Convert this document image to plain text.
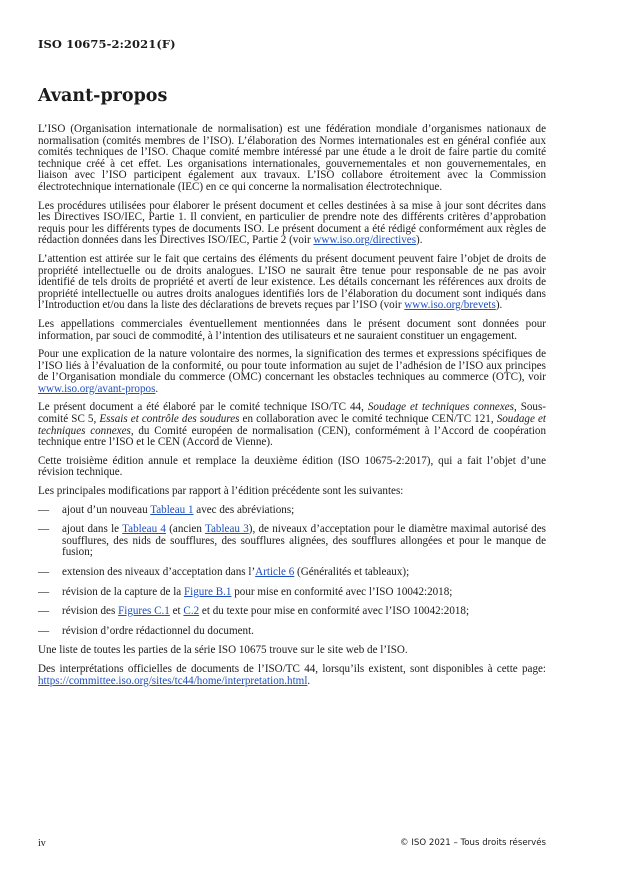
ISO 10675-2:2021(F)
Avant-propos

L’ISO (Organisation internationale de normalisation) est une fédération mondiale d’organismes nationaux de normalisation (comités membres de l’ISO). L’élaboration des Normes internationales est en général confiée aux comités techniques de l’ISO. Chaque comité membre intéressé par une étude a le droit de faire partie du comité technique créé à cet effet. Les organisations internationales, gouvernementales et non gouvernementales, en liaison avec l’ISO participent également aux travaux. L’ISO collabore étroitement avec la Commission électrotechnique internationale (IEC) en ce qui concerne la normalisation électrotechnique.

Les procédures utilisées pour élaborer le présent document et celles destinées à sa mise à jour sont décrites dans les Directives ISO/IEC, Partie 1. Il convient, en particulier de prendre note des différents critères d’approbation requis pour les différents types de documents ISO. Le présent document a été rédigé conformément aux règles de rédaction données dans les Directives ISO/IEC, Partie 2 (voir www.iso.org/directives).

L’attention est attirée sur le fait que certains des éléments du présent document peuvent faire l’objet de droits de propriété intellectuelle ou de droits analogues. L’ISO ne saurait être tenue pour responsable de ne pas avoir identifié de tels droits de propriété et averti de leur existence. Les détails concernant les références aux droits de propriété intellectuelle ou autres droits analogues identifiés lors de l’élaboration du document sont indiqués dans l’Introduction et/ou dans la liste des déclarations de brevets reçues par l’ISO (voir www.iso.org/brevets).

Les appellations commerciales éventuellement mentionnées dans le présent document sont données pour information, par souci de commodité, à l’intention des utilisateurs et ne sauraient constituer un engagement.

Pour une explication de la nature volontaire des normes, la signification des termes et expressions spécifiques de l’ISO liés à l’évaluation de la conformité, ou pour toute information au sujet de l’adhésion de l’ISO aux principes de l’Organisation mondiale du commerce (OMC) concernant les obstacles techniques au commerce (OTC), voir www.iso.org/avant-propos.

Le présent document a été élaboré par le comité technique ISO/TC 44, Soudage et techniques connexes, Sous-comité SC 5, Essais et contrôle des soudures en collaboration avec le comité technique CEN/TC 121, Soudage et techniques connexes, du Comité européen de normalisation (CEN), conformément à l’Accord de coopération technique entre l’ISO et le CEN (Accord de Vienne).

Cette troisième édition annule et remplace la deuxième édition (ISO 10675-2:2017), qui a fait l’objet d’une révision technique.

Les principales modifications par rapport à l’édition précédente sont les suivantes:

— ajout d’un nouveau Tableau 1 avec des abréviations;
— ajout dans le Tableau 4 (ancien Tableau 3), de niveaux d’acceptation pour le diamètre maximal autorisé des soufflures, des nids de soufflures, des soufflures alignées, des soufflures allongées et pour le manque de fusion;
— extension des niveaux d’acceptation dans l’Article 6 (Généralités et tableaux);
— révision de la capture de la Figure B.1 pour mise en conformité avec l’ISO 10042:2018;
— révision des Figures C.1 et C.2 et du texte pour mise en conformité avec l’ISO 10042:2018;
— révision d’ordre rédactionnel du document.

Une liste de toutes les parties de la série ISO 10675 trouve sur le site web de l’ISO.

Des interprétations officielles de documents de l’ISO/TC 44, lorsqu’ils existent, sont disponibles à cette page: https://committee.iso.org/sites/tc44/home/interpretation.html.

iv	© ISO 2021 – Tous droits réservés
